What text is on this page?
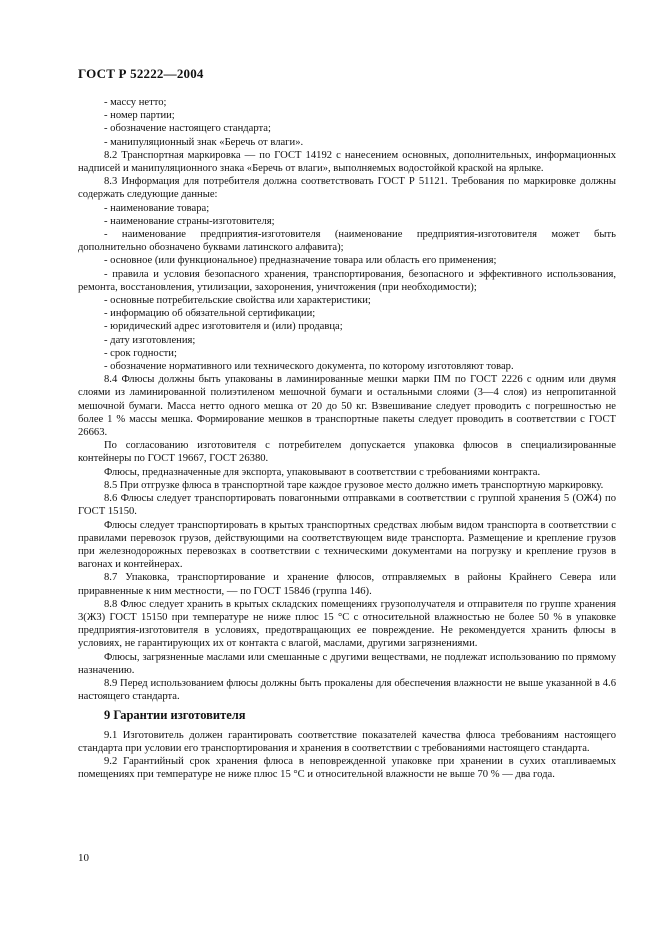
ГОСТ Р 52222—2004

- массу нетто;

- номер партии;

- обозначение настоящего стандарта;

- манипуляционный знак «Беречь от влаги».

8.2 Транспортная маркировка — по ГОСТ 14192 с нанесением основных, дополнительных, информационных надписей и манипуляционного знака «Беречь от влаги», выполняемых водостойкой краской на ярлыке.

8.3 Информация для потребителя должна соответствовать ГОСТ Р 51121. Требования по маркировке должны содержать следующие данные:

- наименование товара;

- наименование страны-изготовителя;

- наименование предприятия-изготовителя (наименование предприятия-изготовителя может быть дополнительно обозначено буквами латинского алфавита);

- основное (или функциональное) предназначение товара или область его применения;

- правила и условия безопасного хранения, транспортирования, безопасного и эффективного использования, ремонта, восстановления, утилизации, захоронения, уничтожения (при необходимости);

- основные потребительские свойства или характеристики;

- информацию об обязательной сертификации;

- юридический адрес изготовителя и (или) продавца;

- дату изготовления;

- срок годности;

- обозначение нормативного или технического документа, по которому изготовляют товар.

8.4 Флюсы должны быть упакованы в ламинированные мешки марки ПМ по ГОСТ 2226 с одним или двумя слоями из ламинированной полиэтиленом мешочной бумаги и остальными слоями (3—4 слоя) из непропитанной мешочной бумаги. Масса нетто одного мешка от 20 до 50 кг. Взвешивание следует проводить с погрешностью не более 1 % массы мешка. Формирование мешков в транспортные пакеты следует проводить в соответствии с ГОСТ 26663.

По согласованию изготовителя с потребителем допускается упаковка флюсов в специализированные контейнеры по ГОСТ 19667, ГОСТ 26380.

Флюсы, предназначенные для экспорта, упаковывают в соответствии с требованиями контракта.

8.5 При отгрузке флюса в транспортной таре каждое грузовое место должно иметь транспортную маркировку.

8.6 Флюсы следует транспортировать повагонными отправками в соответствии с группой хранения 5 (ОЖ4) по ГОСТ 15150.

Флюсы следует транспортировать в крытых транспортных средствах любым видом транспорта в соответствии с правилами перевозок грузов, действующими на соответствующем виде транспорта. Размещение и крепление грузов при железнодорожных перевозках в соответствии с техническими документами на погрузку и крепление грузов в вагонах и контейнерах.

8.7 Упаковка, транспортирование и хранение флюсов, отправляемых в районы Крайнего Севера или приравненные к ним местности, — по ГОСТ 15846 (группа 146).

8.8 Флюс следует хранить в крытых складских помещениях грузополучателя и отправителя по группе хранения 3(Ж3) ГОСТ 15150 при температуре не ниже плюс 15 °С с относительной влажностью не более 50 % в упаковке предприятия-изготовителя в условиях, предотвращающих ее повреждение. Не рекомендуется хранить флюсы в условиях, не гарантирующих их от контакта с влагой, маслами, другими загрязнениями.

Флюсы, загрязненные маслами или смешанные с другими веществами, не подлежат использованию по прямому назначению.

8.9 Перед использованием флюсы должны быть прокалены для обеспечения влажности не выше указанной в 4.6 настоящего стандарта.

9 Гарантии изготовителя

9.1 Изготовитель должен гарантировать соответствие показателей качества флюса требованиям настоящего стандарта при условии его транспортирования и хранения в соответствии с требованиями настоящего стандарта.

9.2 Гарантийный срок хранения флюса в неповрежденной упаковке при хранении в сухих отапливаемых помещениях при температуре не ниже плюс 15 °С и относительной влажности не выше 70 % — два года.

10
